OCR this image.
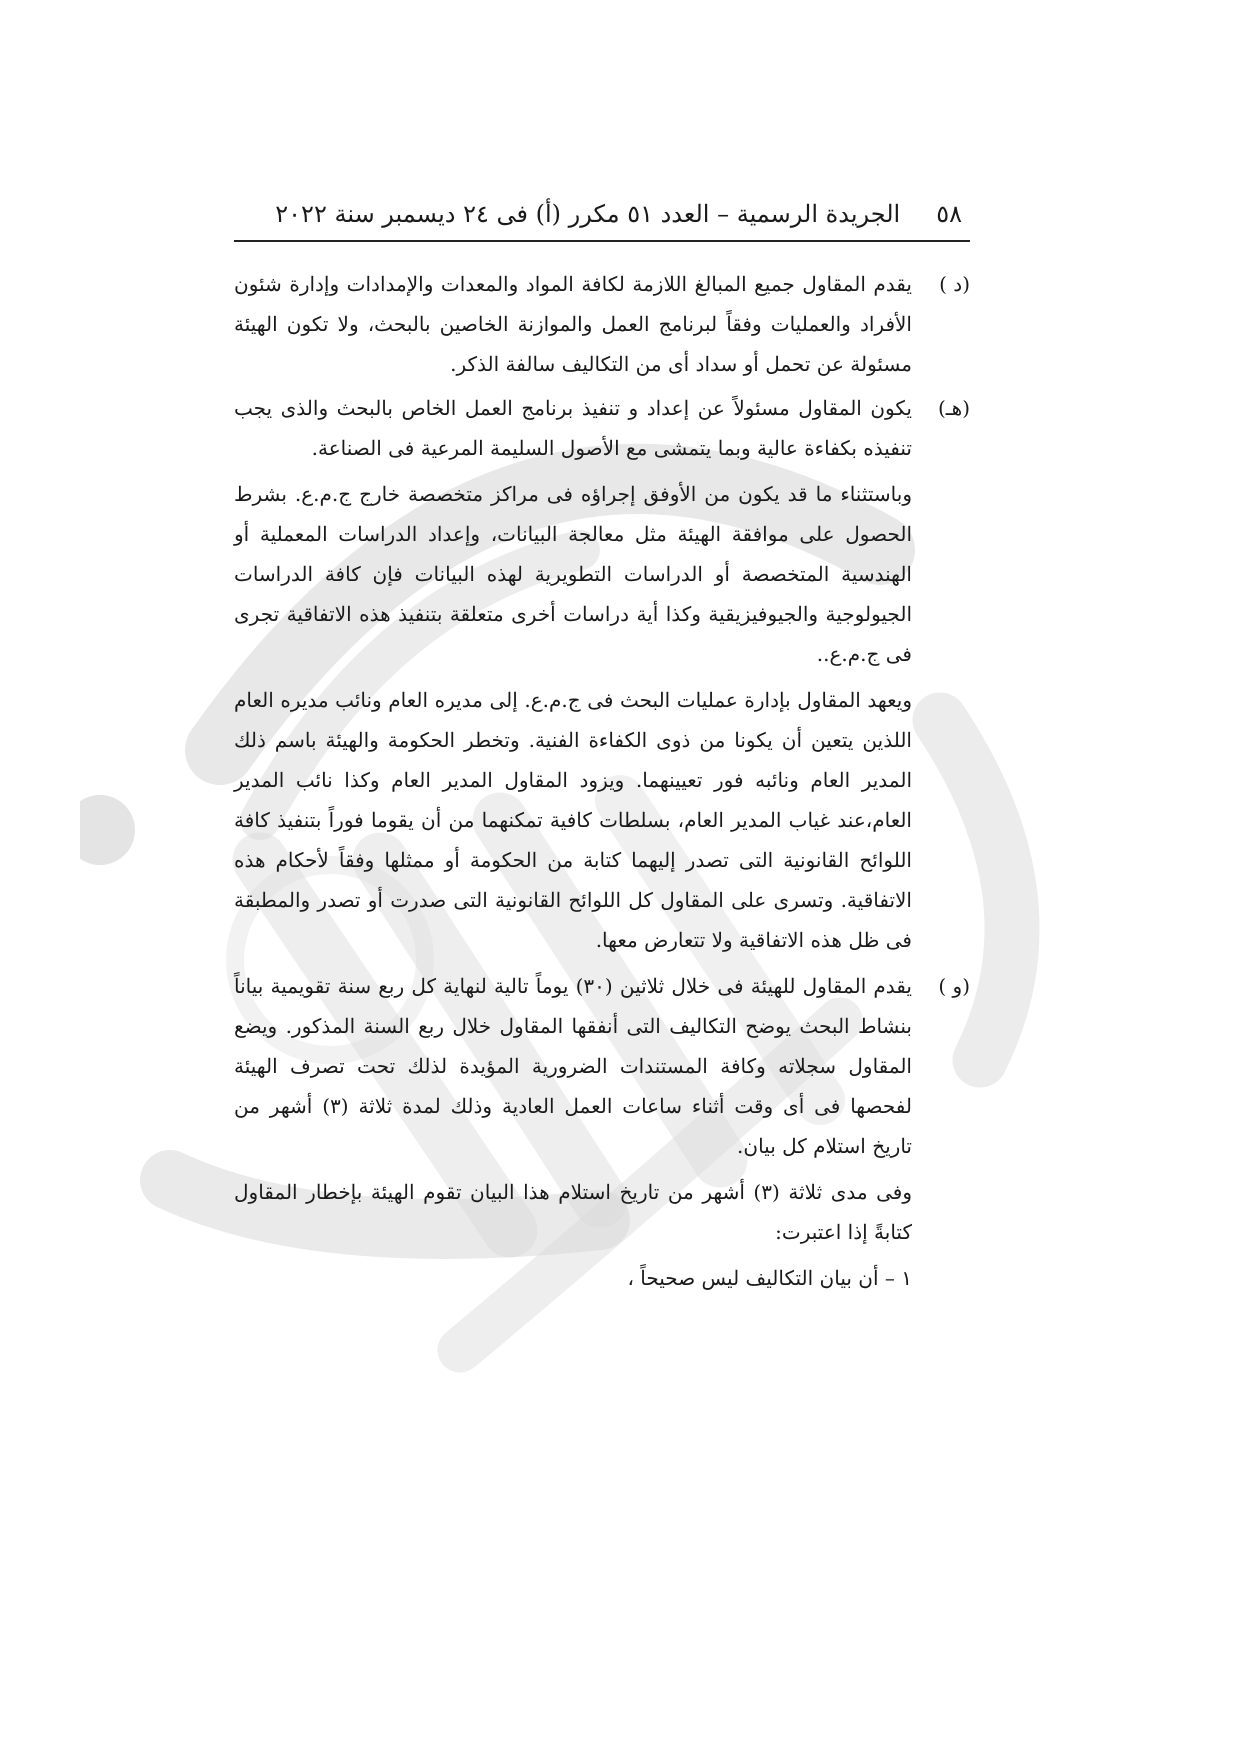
٥٨
الجريدة الرسمية – العدد ٥١ مكرر (أ) فى ٢٤ ديسمبر سنة ٢٠٢٢
(د )
يقدم المقاول جميع المبالغ اللازمة لكافة المواد والمعدات والإمدادات وإدارة شئون الأفراد والعمليات وفقاً لبرنامج العمل والموازنة الخاصين بالبحث، ولا تكون الهيئة مسئولة عن تحمل أو سداد أى من التكاليف سالفة الذكر.
(هـ)
يكون المقاول مسئولاً عن إعداد و تنفيذ برنامج العمل الخاص بالبحث والذى يجب تنفيذه بكفاءة عالية وبما يتمشى مع الأصول السليمة المرعية فى الصناعة.

وباستثناء ما قد يكون من الأوفق إجراؤه فى مراكز متخصصة خارج ج.م.ع. بشرط الحصول على موافقة الهيئة مثل معالجة البيانات، وإعداد الدراسات المعملية أو الهندسية المتخصصة أو الدراسات التطويرية لهذه البيانات فإن كافة الدراسات الجيولوجية والجيوفيزيقية وكذا أية دراسات أخرى متعلقة بتنفيذ هذه الاتفاقية تجرى فى ج.م.ع..

ويعهد المقاول بإدارة عمليات البحث فى ج.م.ع. إلى مديره العام ونائب مديره العام اللذين يتعين أن يكونا من ذوى الكفاءة الفنية. وتخطر الحكومة والهيئة باسم ذلك المدير العام ونائبه فور تعيينهما. ويزود المقاول المدير العام وكذا نائب المدير العام،عند غياب المدير العام، بسلطات كافية تمكنهما من أن يقوما فوراً بتنفيذ كافة اللوائح القانونية التى تصدر إليهما كتابة من الحكومة أو ممثلها وفقاً لأحكام هذه الاتفاقية. وتسرى على المقاول كل اللوائح القانونية التى صدرت أو تصدر والمطبقة فى ظل هذه الاتفاقية ولا تتعارض معها.

(و )
يقدم المقاول للهيئة فى خلال ثلاثين (٣٠) يوماً تالية لنهاية كل ربع سنة تقويمية بياناً بنشاط البحث يوضح التكاليف التى أنفقها المقاول خلال ربع السنة المذكور. ويضع المقاول سجلاته وكافة المستندات الضرورية المؤيدة لذلك تحت تصرف الهيئة لفحصها فى أى وقت أثناء ساعات العمل العادية وذلك لمدة ثلاثة (٣) أشهر من تاريخ استلام كل بيان.

وفى مدى ثلاثة (٣) أشهر من تاريخ استلام هذا البيان تقوم الهيئة بإخطار المقاول كتابةً إذا اعتبرت:

١ – أن بيان التكاليف ليس صحيحاً ،
